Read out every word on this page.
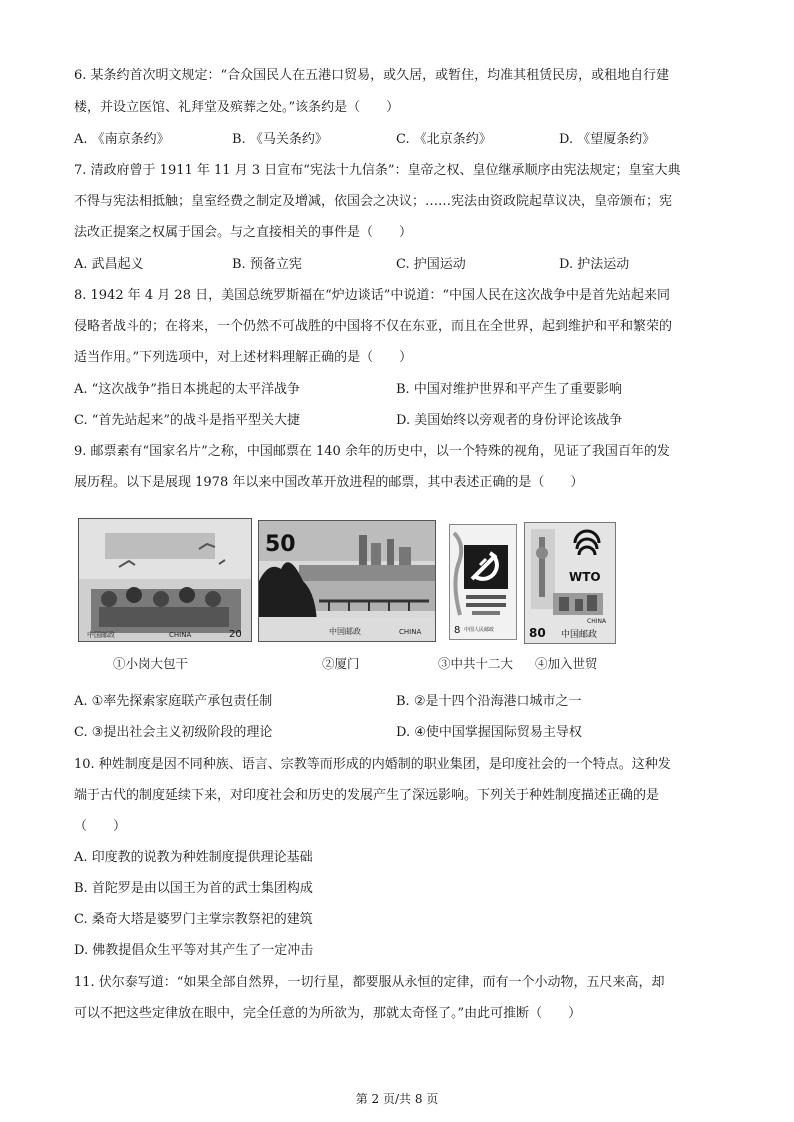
6. 某条约首次明文规定：“合众国民人在五港口贸易，或久居，或暂住，均准其租赁民房，或租地自行建
楼，并设立医馆、礼拜堂及殡葬之处。”该条约是（　　）
A. 《南京条约》	B. 《马关条约》	C. 《北京条约》	D. 《望厦条约》
7. 清政府曾于 1911 年 11 月 3 日宣布“宪法十九信条”：皇帝之权、皇位继承顺序由宪法规定；皇室大典
不得与宪法相抵触；皇室经费之制定及增减，依国会之决议；……宪法由资政院起草议决，皇帝颁布；宪
法改正提案之权属于国会。与之直接相关的事件是（　　）
A. 武昌起义	B. 预备立宪	C. 护国运动	D. 护法运动
8. 1942 年 4 月 28 日，美国总统罗斯福在“炉边谈话”中说道：“中国人民在这次战争中是首先站起来同
侵略者战斗的；在将来，一个仍然不可战胜的中国将不仅在东亚，而且在全世界，起到维护和平和繁荣的
适当作用。”下列选项中，对上述材料理解正确的是（　　）
A. “这次战争”指日本挑起的太平洋战争	B. 中国对维护世界和平产生了重要影响
C. “首先站起来”的战斗是指平型关大捷	D. 美国始终以旁观者的身份评论该战争
9. 邮票素有“国家名片”之称，中国邮票在 140 余年的历史中，以一个特殊的视角，见证了我国百年的发
展历程。以下是展现 1978 年以来中国改革开放进程的邮票，其中表述正确的是（　　）
中国邮政	CHINA	20
①小岗大包干
50
中国邮政	CHINA
②厦门
8 中国人民邮政
③中共十二大
WTO
80
CHINA
中国邮政
④加入世贸
A. ①率先探索家庭联产承包责任制	B. ②是十四个沿海港口城市之一
C. ③提出社会主义初级阶段的理论	D. ④使中国掌握国际贸易主导权
10. 种姓制度是因不同种族、语言、宗教等而形成的内婚制的职业集团，是印度社会的一个特点。这种发
端于古代的制度延续下来，对印度社会和历史的发展产生了深远影响。下列关于种姓制度描述正确的是
（　　）
A. 印度教的说教为种姓制度提供理论基础
B. 首陀罗是由以国王为首的武士集团构成
C. 桑奇大塔是婆罗门主掌宗教祭祀的建筑
D. 佛教提倡众生平等对其产生了一定冲击
11. 伏尔泰写道：“如果全部自然界，一切行星，都要服从永恒的定律，而有一个小动物，五尺来高，却
可以不把这些定律放在眼中，完全任意的为所欲为，那就太奇怪了。”由此可推断（　　）
第 2 页/共 8 页
